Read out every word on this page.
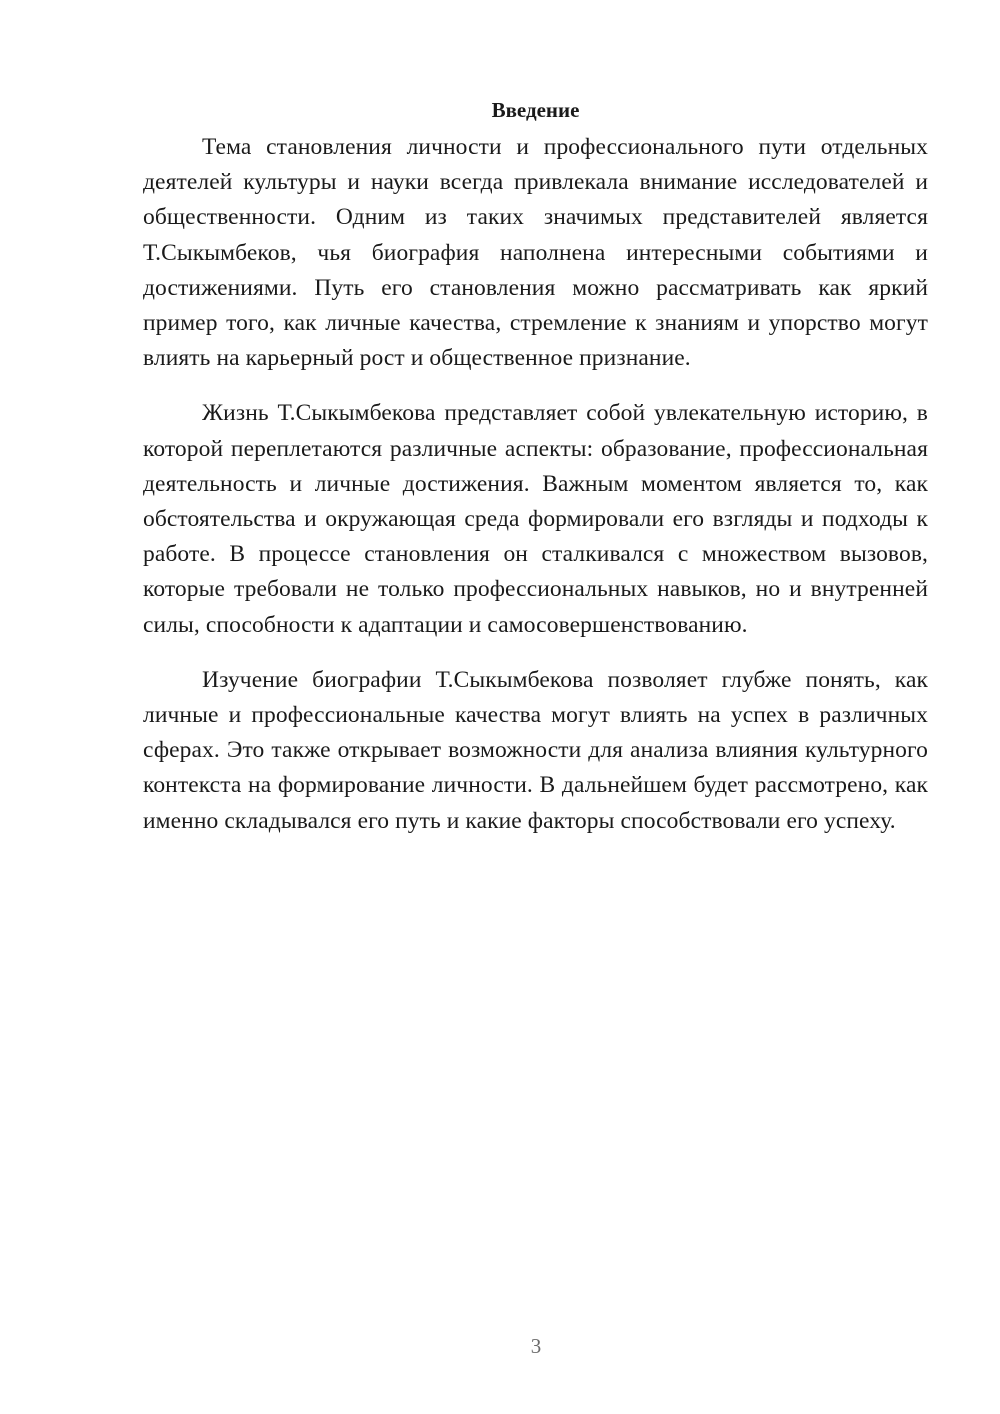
Введение

Тема становления личности и профессионального пути отдельных деятелей культуры и науки всегда привлекала внимание исследователей и общественности. Одним из таких значимых представителей является Т.Сыкымбеков, чья биография наполнена интересными событиями и достижениями. Путь его становления можно рассматривать как яркий пример того, как личные качества, стремление к знаниям и упорство могут влиять на карьерный рост и общественное признание.

Жизнь Т.Сыкымбекова представляет собой увлекательную историю, в которой переплетаются различные аспекты: образование, профессиональная деятельность и личные достижения. Важным моментом является то, как обстоятельства и окружающая среда формировали его взгляды и подходы к работе. В процессе становления он сталкивался с множеством вызовов, которые требовали не только профессиональных навыков, но и внутренней силы, способности к адаптации и самосовершенствованию.

Изучение биографии Т.Сыкымбекова позволяет глубже понять, как личные и профессиональные качества могут влиять на успех в различных сферах. Это также открывает возможности для анализа влияния культурного контекста на формирование личности. В дальнейшем будет рассмотрено, как именно складывался его путь и какие факторы способствовали его успеху.

3
